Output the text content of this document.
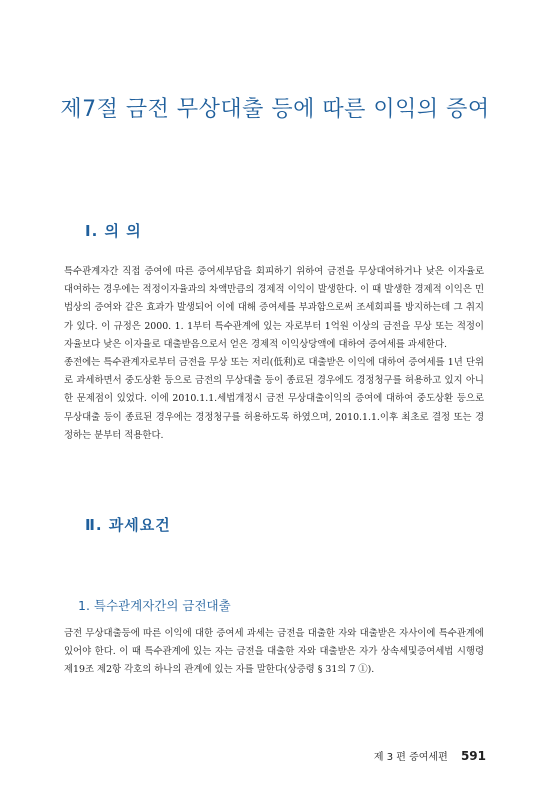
제7절 금전 무상대출 등에 따른 이익의 증여
Ⅰ. 의 의

특수관계자간 직접 증여에 따른 증여세부담을 회피하기 위하여 금전을 무상대여하거나 낮은 이자율로 대여하는 경우에는 적정이자율과의 차액만큼의 경제적 이익이 발생한다. 이 때 발생한 경제적 이익은 민법상의 증여와 같은 효과가 발생되어 이에 대해 증여세를 부과함으로써 조세회피를 방지하는데 그 취지가 있다. 이 규정은 2000. 1. 1부터 특수관계에 있는 자로부터 1억원 이상의 금전을 무상 또는 적정이자율보다 낮은 이자율로 대출받음으로서 얻은 경제적 이익상당액에 대하여 증여세를 과세한다.
종전에는 특수관계자로부터 금전을 무상 또는 저리(低利)로 대출받은 이익에 대하여 증여세를 1년 단위로 과세하면서 중도상환 등으로 금전의 무상대출 등이 종료된 경우에도 경정청구를 허용하고 있지 아니한 문제점이 있었다. 이에 2010.1.1.세법개정시 금전 무상대출이익의 증여에 대하여 중도상환 등으로 무상대출 등이 종료된 경우에는 경정청구를 허용하도록 하였으며, 2010.1.1.이후 최초로 결정 또는 경정하는 분부터 적용한다.

Ⅱ. 과세요건
1. 특수관계자간의 금전대출

금전 무상대출등에 따른 이익에 대한 증여세 과세는 금전을 대출한 자와 대출받은 자사이에 특수관계에 있어야 한다. 이 때 특수관계에 있는 자는 금전을 대출한 자와 대출받은 자가 상속세및증여세법 시행령 제19조 제2항 각호의 하나의 관계에 있는 자를 말한다(상증령 § 31의 7 ①).

제 3 편 증여세편 591
